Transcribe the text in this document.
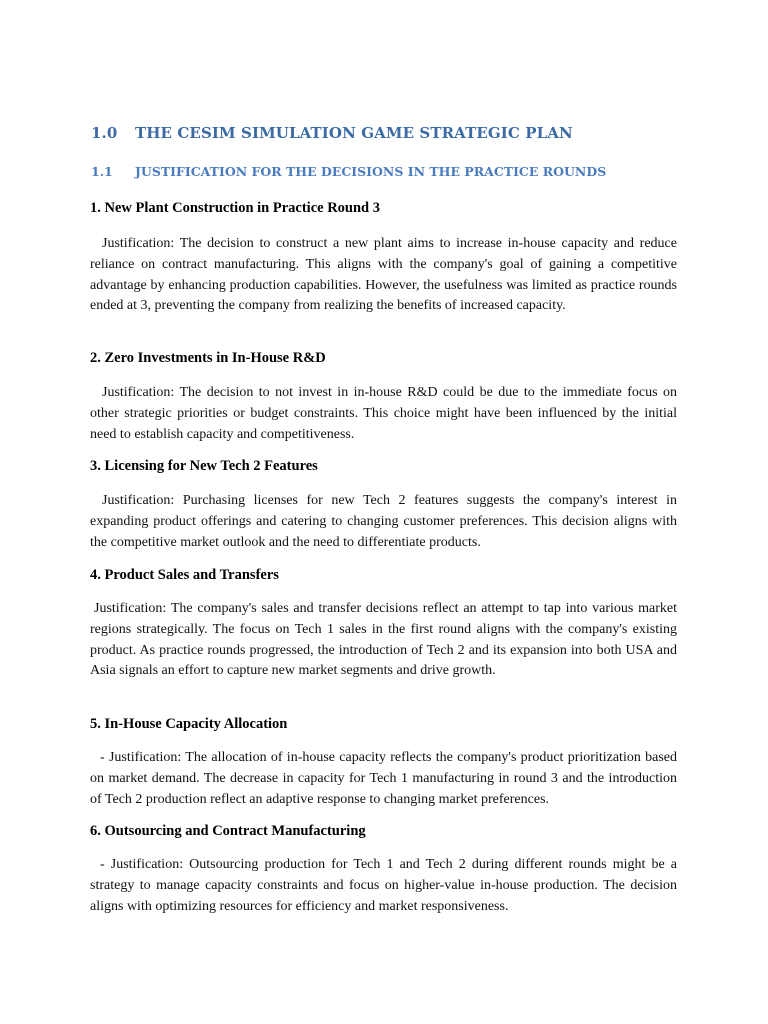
1.0 THE CESIM SIMULATION GAME STRATEGIC PLAN
1.1 JUSTIFICATION FOR THE DECISIONS IN THE PRACTICE ROUNDS
1. New Plant Construction in Practice Round 3

Justification: The decision to construct a new plant aims to increase in-house capacity and reduce reliance on contract manufacturing. This aligns with the company's goal of gaining a competitive advantage by enhancing production capabilities. However, the usefulness was limited as practice rounds ended at 3, preventing the company from realizing the benefits of increased capacity.

2. Zero Investments in In-House R&D

Justification: The decision to not invest in in-house R&D could be due to the immediate focus on other strategic priorities or budget constraints. This choice might have been influenced by the initial need to establish capacity and competitiveness.

3. Licensing for New Tech 2 Features

Justification: Purchasing licenses for new Tech 2 features suggests the company's interest in expanding product offerings and catering to changing customer preferences. This decision aligns with the competitive market outlook and the need to differentiate products.

4. Product Sales and Transfers

Justification: The company's sales and transfer decisions reflect an attempt to tap into various market regions strategically. The focus on Tech 1 sales in the first round aligns with the company's existing product. As practice rounds progressed, the introduction of Tech 2 and its expansion into both USA and Asia signals an effort to capture new market segments and drive growth.

5. In-House Capacity Allocation

- Justification: The allocation of in-house capacity reflects the company's product prioritization based on market demand. The decrease in capacity for Tech 1 manufacturing in round 3 and the introduction of Tech 2 production reflect an adaptive response to changing market preferences.

6. Outsourcing and Contract Manufacturing

- Justification: Outsourcing production for Tech 1 and Tech 2 during different rounds might be a strategy to manage capacity constraints and focus on higher-value in-house production. The decision aligns with optimizing resources for efficiency and market responsiveness.
